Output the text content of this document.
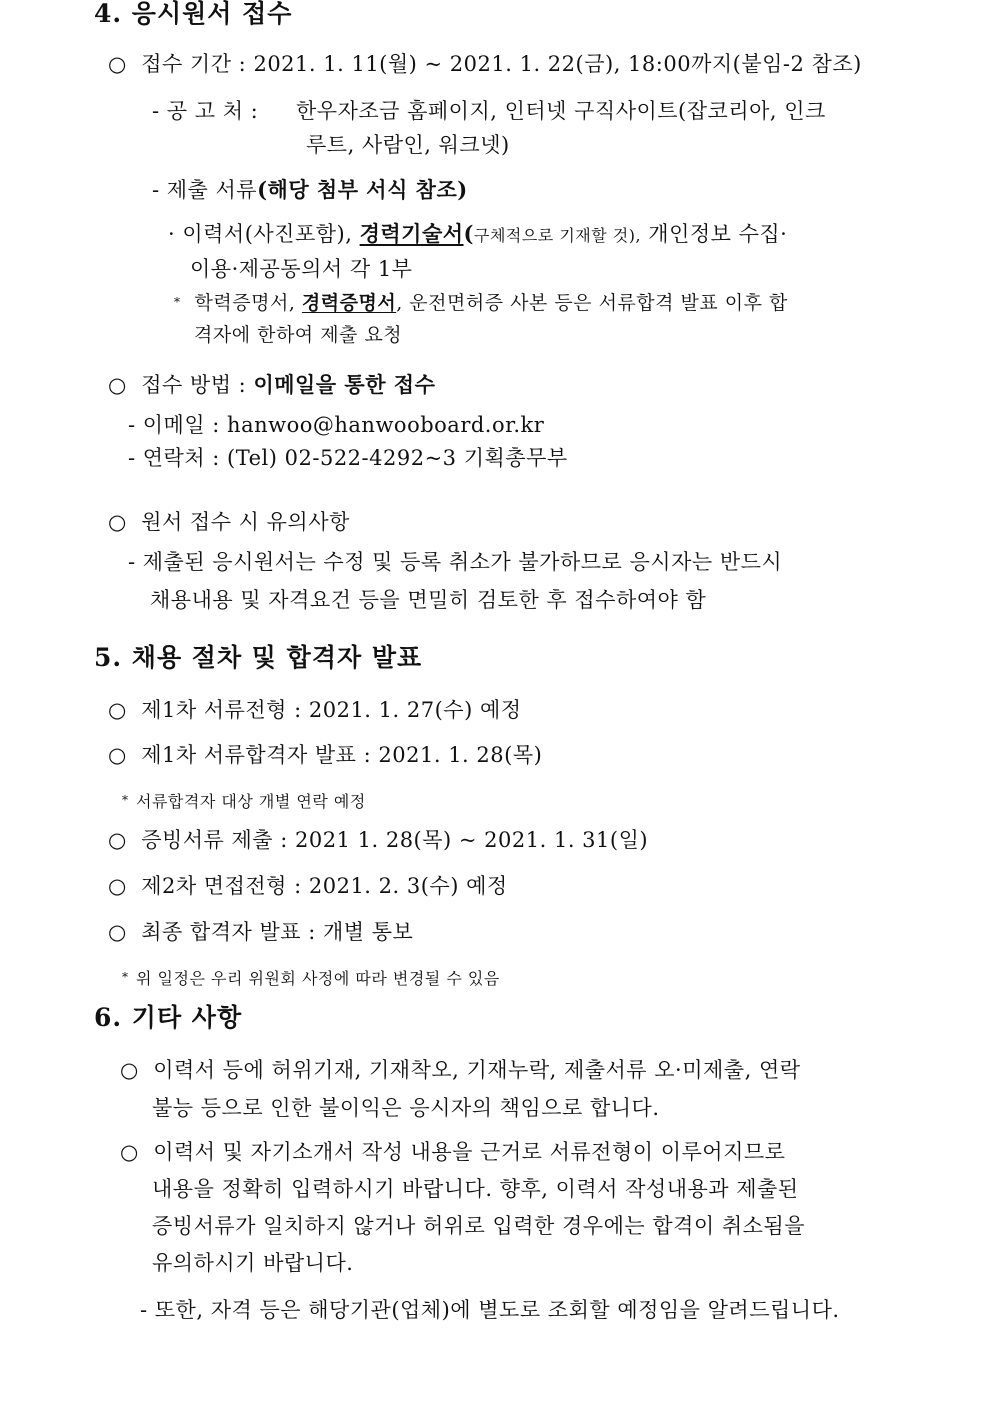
4. 응시원서 접수
○ 접수 기간 : 2021. 1. 11(월) ~ 2021. 1. 22(금), 18:00까지(붙임-2 참조)
- 공 고 처 : 한우자조금 홈페이지, 인터넷 구직사이트(잡코리아, 인크
루트, 사람인, 워크넷)
- 제출 서류(해당 첨부 서식 참조)
· 이력서(사진포함), 경력기술서(구체적으로 기재할 것), 개인정보 수집·
이용·제공동의서 각 1부
* 학력증명서, 경력증명서, 운전면허증 사본 등은 서류합격 발표 이후 합
격자에 한하여 제출 요청
○ 접수 방법 : 이메일을 통한 접수
- 이메일 : hanwoo@hanwooboard.or.kr
- 연락처 : (Tel) 02-522-4292~3 기획총무부
○ 원서 접수 시 유의사항
- 제출된 응시원서는 수정 및 등록 취소가 불가하므로 응시자는 반드시
채용내용 및 자격요건 등을 면밀히 검토한 후 접수하여야 함
5. 채용 절차 및 합격자 발표
○ 제1차 서류전형 : 2021. 1. 27(수) 예정
○ 제1차 서류합격자 발표 : 2021. 1. 28(목)
* 서류합격자 대상 개별 연락 예정
○ 증빙서류 제출 : 2021 1. 28(목) ~ 2021. 1. 31(일)
○ 제2차 면접전형 : 2021. 2. 3(수) 예정
○ 최종 합격자 발표 : 개별 통보
* 위 일정은 우리 위원회 사정에 따라 변경될 수 있음
6. 기타 사항
○ 이력서 등에 허위기재, 기재착오, 기재누락, 제출서류 오·미제출, 연락
불능 등으로 인한 불이익은 응시자의 책임으로 합니다.
○ 이력서 및 자기소개서 작성 내용을 근거로 서류전형이 이루어지므로
내용을 정확히 입력하시기 바랍니다. 향후, 이력서 작성내용과 제출된
증빙서류가 일치하지 않거나 허위로 입력한 경우에는 합격이 취소됨을
유의하시기 바랍니다.
- 또한, 자격 등은 해당기관(업체)에 별도로 조회할 예정임을 알려드립니다.
